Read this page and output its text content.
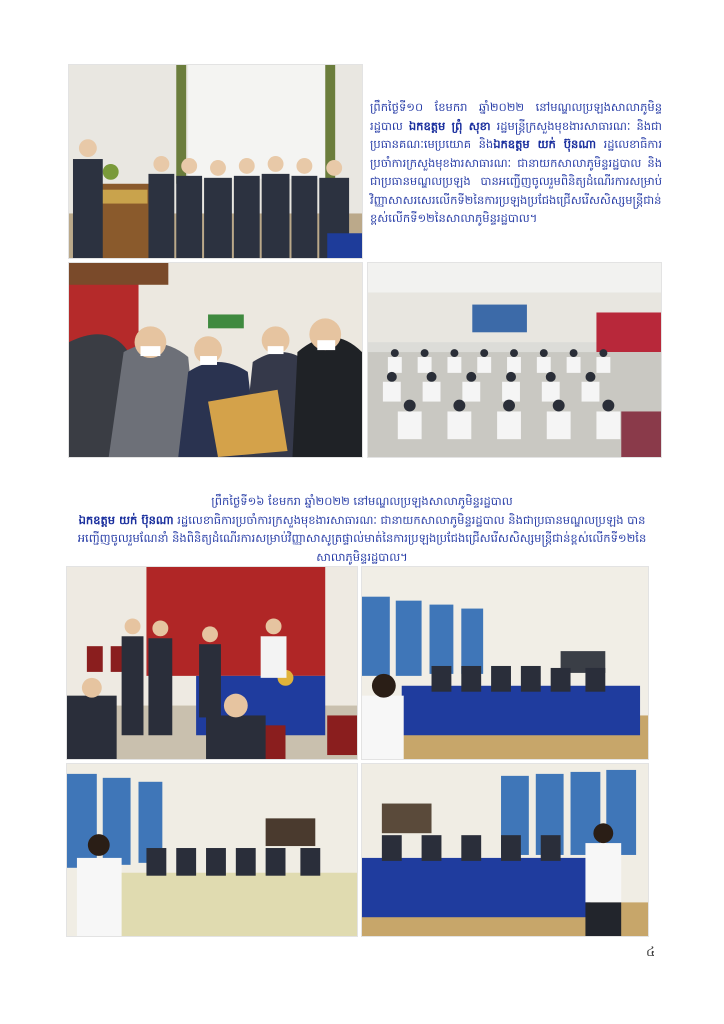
ព្រឹកថ្ងៃទី១០ ខែមករា ឆ្នាំ២០២២ នៅមណ្ឌលប្រឡងសាលាភូមិន្ទរដ្ឋបាល ឯកឧត្តម ព្រុំ សុខា រដ្ឋមន្ត្រីក្រសួងមុខងារសាធារណៈ និងជាប្រធានគណៈមេប្រយោគ និងឯកឧត្តម យក់ ប៊ុនណា រដ្ឋលេខាធិការប្រចាំការក្រសួងមុខងារសាធារណៈ ជានាយកសាលាភូមិន្ទរដ្ឋបាល និងជាប្រធានមណ្ឌលប្រឡង បានអញ្ជើញចូលរួមពិនិត្យដំណើរការសម្រាប់វិញ្ញាសាសរសេរលើកទី២នៃការប្រឡងប្រជែងជ្រើសរើសសិស្សមន្ត្រីជាន់ខ្ពស់លើកទី១២នៃសាលាភូមិន្ទរដ្ឋបាល។
ព្រឹកថ្ងៃទី១៦ ខែមករា ឆ្នាំ២០២២ នៅមណ្ឌលប្រឡងសាលាភូមិន្ទរដ្ឋបាល
ឯកឧត្តម យក់ ប៊ុនណា រដ្ឋលេខាធិការប្រចាំការក្រសួងមុខងារសាធារណៈ ជានាយកសាលាភូមិន្ទរដ្ឋបាល និងជាប្រធានមណ្ឌលប្រឡង បានអញ្ជើញចូលរួមណែនាំ និងពិនិត្យដំណើរការសម្រាប់វិញ្ញាសាសូត្រផ្ទាល់មាត់នៃការប្រឡងប្រជែងជ្រើសរើសសិស្សមន្ត្រីជាន់ខ្ពស់លើកទី១២នៃសាលាភូមិន្ទរដ្ឋបាល។
៤
